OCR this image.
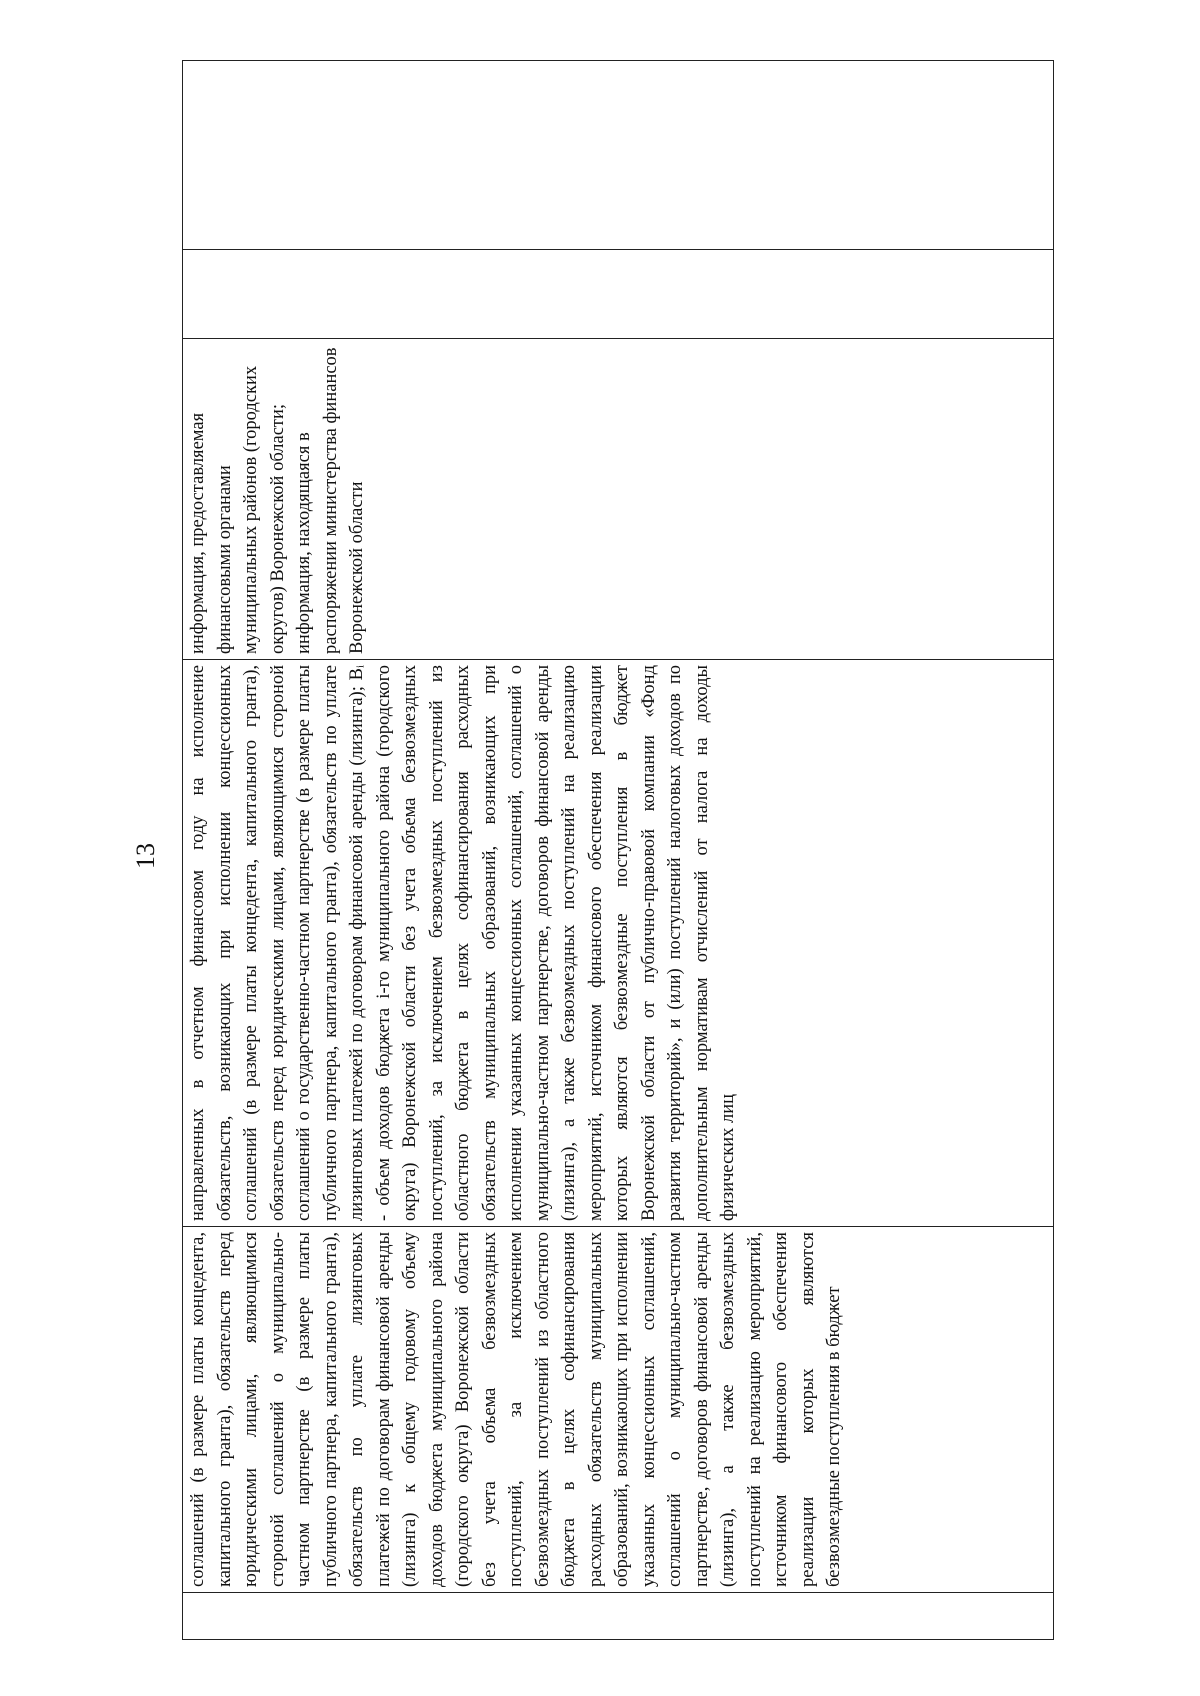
13
	соглашений (в размере платы концедента, капитального гранта), обязательств перед юридическими лицами, являющимися стороной соглашений о муниципально-частном партнерстве (в размере платы публичного партнера, капитального гранта), обязательств по уплате лизинговых платежей по договорам финансовой аренды (лизинга) к общему годовому объему доходов бюджета муниципального района (городского округа) Воронежской области без учета объема безвозмездных поступлений, за исключением безвозмездных поступлений из областного бюджета в целях софинансирования расходных обязательств муниципальных образований, возникающих при исполнении указанных концессионных соглашений, соглашений о муниципально-частном партнерстве, договоров финансовой аренды (лизинга), а также безвозмездных поступлений на реализацию мероприятий, источником финансового обеспечения реализации которых являются безвозмездные поступления в бюджет	направленных в отчетном финансовом году на исполнение обязательств, возникающих при исполнении концессионных соглашений (в размере платы концедента, капитального гранта), обязательств перед юридическими лицами, являющимися стороной соглашений о государственно-частном партнерстве (в размере платы публичного партнера, капитального гранта), обязательств по уплате лизинговых платежей по договорам финансовой аренды (лизинга); Bᵢ - объем доходов бюджета i-го муниципального района (городского округа) Воронежской области без учета объема безвозмездных поступлений, за исключением безвозмездных поступлений из областного бюджета в целях софинансирования расходных обязательств муниципальных образований, возникающих при исполнении указанных концессионных соглашений, соглашений о муниципально-частном партнерстве, договоров финансовой аренды (лизинга), а также безвозмездных поступлений на реализацию мероприятий, источником финансового обеспечения реализации которых являются безвозмездные поступления в бюджет Воронежской области от публично-правовой компании «Фонд развития территорий», и (или) поступлений налоговых доходов по дополнительным нормативам отчислений от налога на доходы физических лиц	информация, предоставляемая финансовыми органами муниципальных районов (городских округов) Воронежской области; информация, находящаяся в распоряжении министерства финансов Воронежской области		
